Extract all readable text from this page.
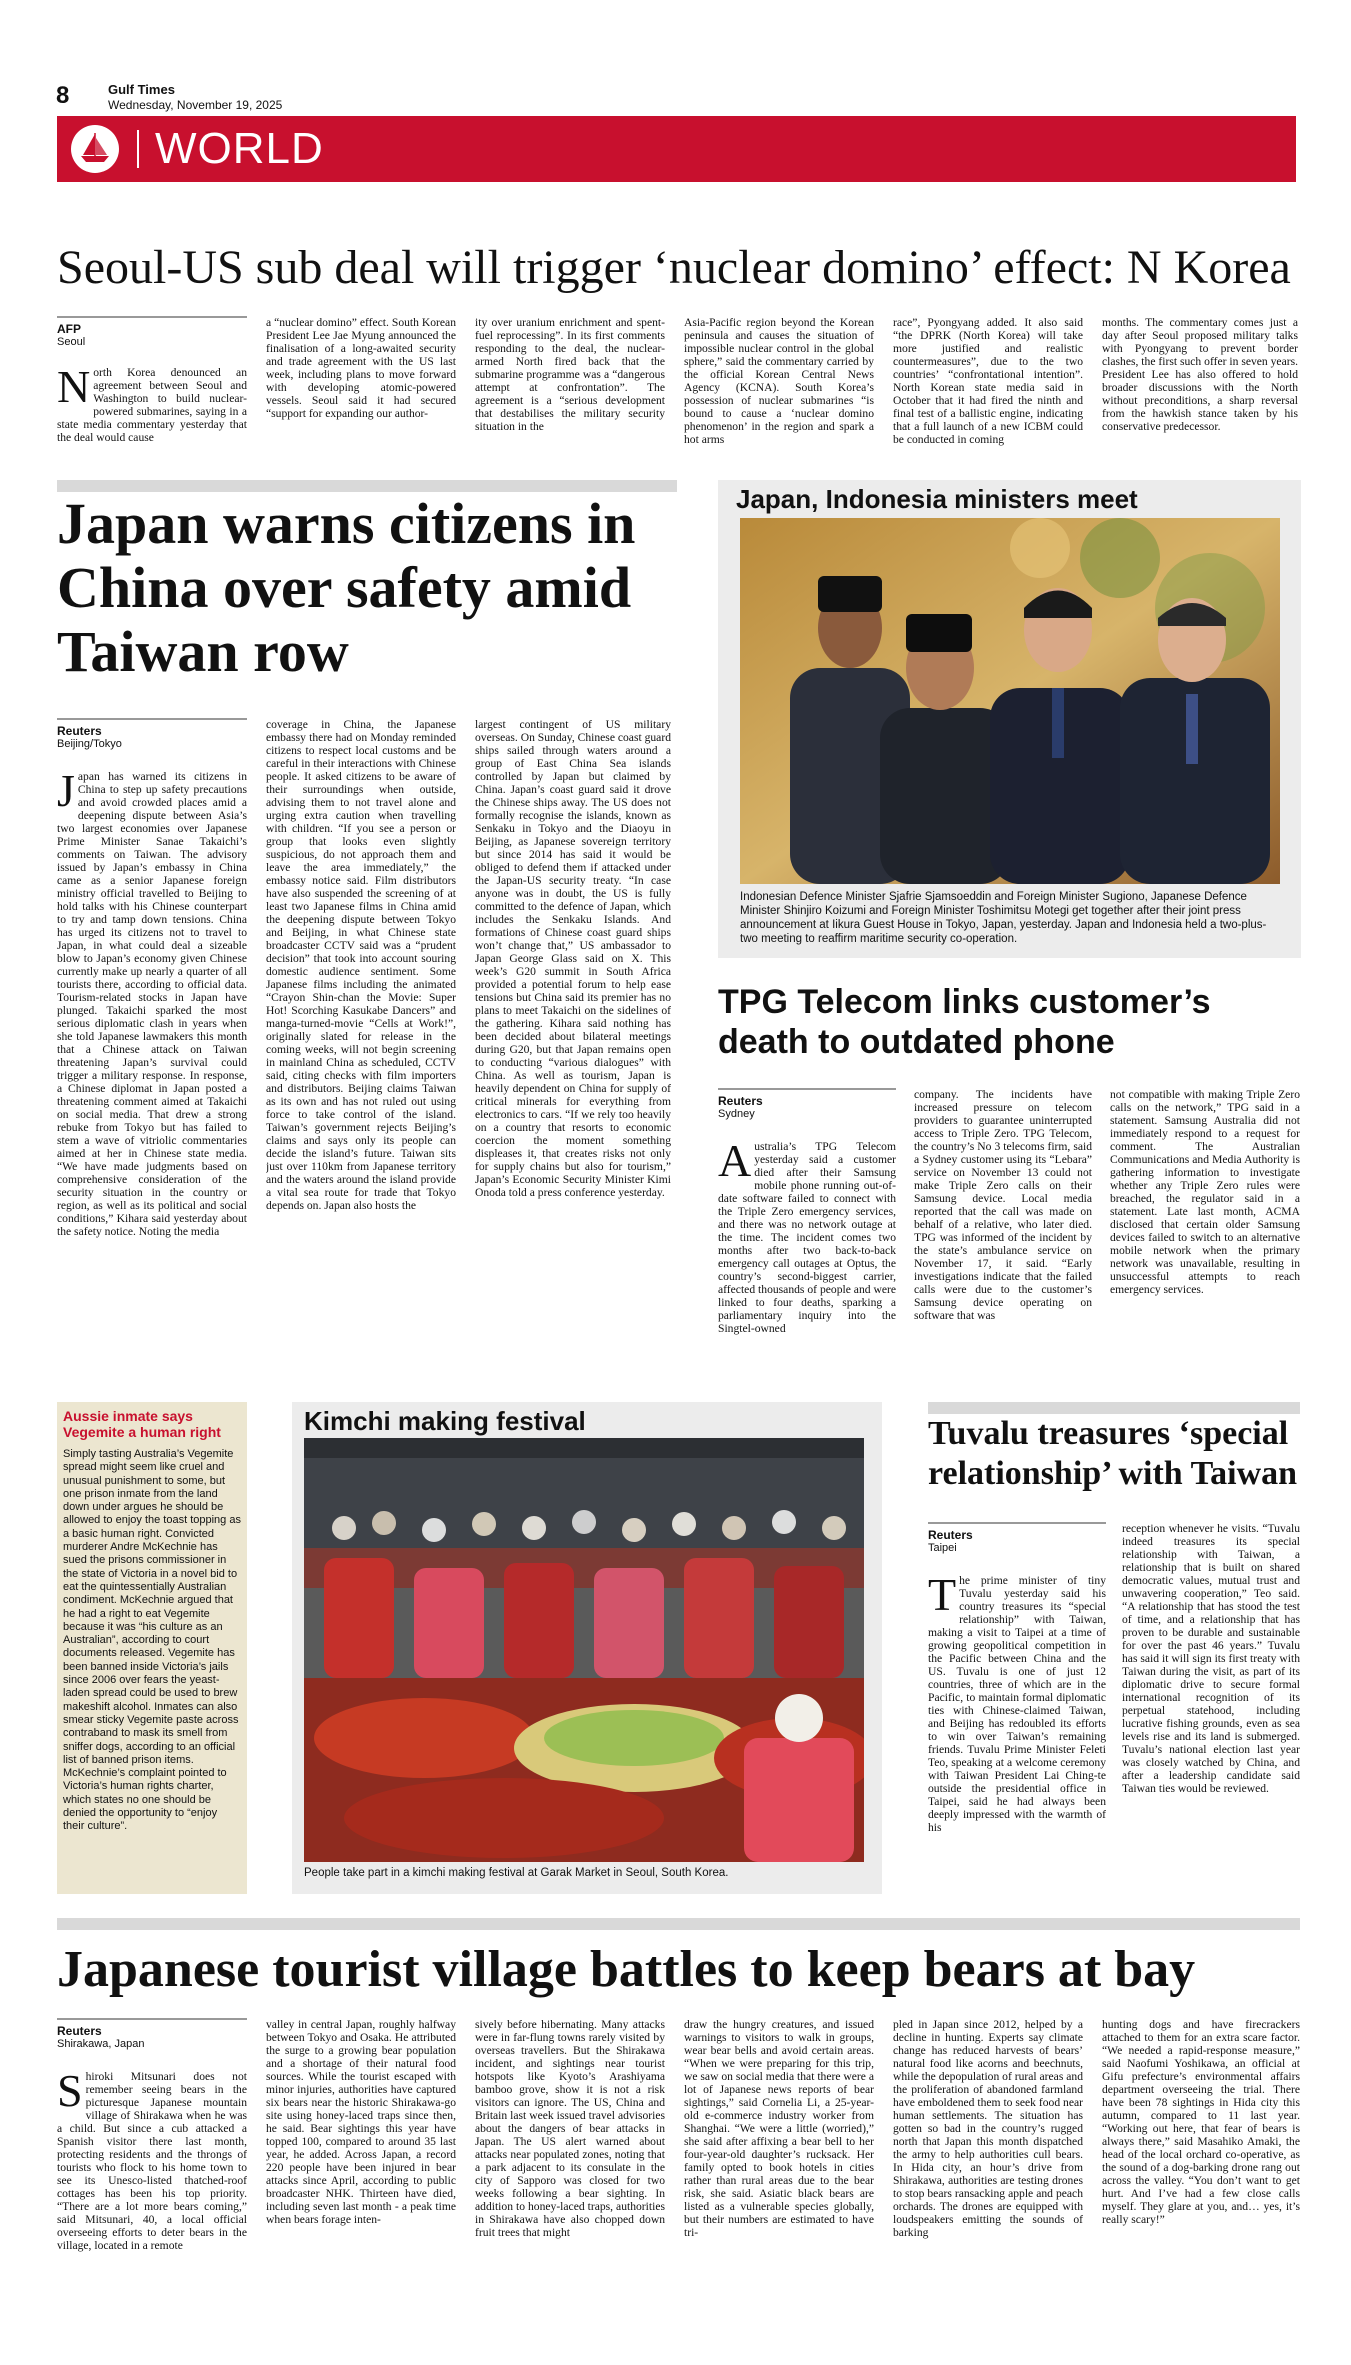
8	Gulf Times
Wednesday, November 19, 2025
WORLD
Seoul-US sub deal will trigger ‘nuclear domino’ effect: N Korea
AFP
Seoul

North Korea denounced an agreement between Seoul and Washington to build nuclear-powered submarines, saying in a state media commentary yesterday that the deal would cause

a “nuclear domino” effect. South Korean President Lee Jae Myung announced the finalisation of a long-awaited security and trade agreement with the US last week, including plans to move forward with developing atomic-powered vessels. Seoul said it had secured “support for expanding our author-
ity over uranium enrichment and spent-fuel reprocessing”. In its first comments responding to the deal, the nuclear-armed North fired back that the submarine programme was a “dangerous attempt at confrontation”. The agreement is a “serious development that destabilises the military security situation in the
Asia-Pacific region beyond the Korean peninsula and causes the situation of impossible nuclear control in the global sphere,” said the commentary carried by the official Korean Central News Agency (KCNA). South Korea’s possession of nuclear submarines “is bound to cause a ‘nuclear domino phenomenon’ in the region and spark a hot arms
race”, Pyongyang added. It also said “the DPRK (North Korea) will take more justified and realistic countermeasures”, due to the two countries’ “confrontational intention”. North Korean state media said in October that it had fired the ninth and final test of a ballistic engine, indicating that a full launch of a new ICBM could be conducted in coming
months. The commentary comes just a day after Seoul proposed military talks with Pyongyang to prevent border clashes, the first such offer in seven years. President Lee has also offered to hold broader discussions with the North without preconditions, a sharp reversal from the hawkish stance taken by his conservative predecessor.
Japan warns citizens in China over safety amid Taiwan row
Reuters
Beijing/Tokyo

Japan has warned its citizens in China to step up safety precautions and avoid crowded places amid a deepening dispute between Asia’s two largest economies over Japanese Prime Minister Sanae Takaichi’s comments on Taiwan. The advisory issued by Japan’s embassy in China came as a senior Japanese foreign ministry official travelled to Beijing to hold talks with his Chinese counterpart to try and tamp down tensions. China has urged its citizens not to travel to Japan, in what could deal a sizeable blow to Japan’s economy given Chinese currently make up nearly a quarter of all tourists there, according to official data. Tourism-related stocks in Japan have plunged. Takaichi sparked the most serious diplomatic clash in years when she told Japanese lawmakers this month that a Chinese attack on Taiwan threatening Japan’s survival could trigger a military response. In response, a Chinese diplomat in Japan posted a threatening comment aimed at Takaichi on social media. That drew a strong rebuke from Tokyo but has failed to stem a wave of vitriolic commentaries aimed at her in Chinese state media. “We have made judgments based on comprehensive consideration of the security situation in the country or region, as well as its political and social conditions,” Kihara said yesterday about the safety notice. Noting the media

coverage in China, the Japanese embassy there had on Monday reminded citizens to respect local customs and be careful in their interactions with Chinese people. It asked citizens to be aware of their surroundings when outside, advising them to not travel alone and urging extra caution when travelling with children. “If you see a person or group that looks even slightly suspicious, do not approach them and leave the area immediately,” the embassy notice said. Film distributors have also suspended the screening of at least two Japanese films in China amid the deepening dispute between Tokyo and Beijing, in what Chinese state broadcaster CCTV said was a “prudent decision” that took into account souring domestic audience sentiment. Some Japanese films including the animated “Crayon Shin-chan the Movie: Super Hot! Scorching Kasukabe Dancers” and manga-turned-movie “Cells at Work!”, originally slated for release in the coming weeks, will not begin screening in mainland China as scheduled, CCTV said, citing checks with film importers and distributors. Beijing claims Taiwan as its own and has not ruled out using force to take control of the island. Taiwan’s government rejects Beijing’s claims and says only its people can decide the island’s future. Taiwan sits just over 110km from Japanese territory and the waters around the island provide a vital sea route for trade that Tokyo depends on. Japan also hosts the
largest contingent of US military overseas. On Sunday, Chinese coast guard ships sailed through waters around a group of East China Sea islands controlled by Japan but claimed by China. Japan’s coast guard said it drove the Chinese ships away. The US does not formally recognise the islands, known as Senkaku in Tokyo and the Diaoyu in Beijing, as Japanese sovereign territory but since 2014 has said it would be obliged to defend them if attacked under the Japan-US security treaty. “In case anyone was in doubt, the US is fully committed to the defence of Japan, which includes the Senkaku Islands. And formations of Chinese coast guard ships won’t change that,” US ambassador to Japan George Glass said on X. This week’s G20 summit in South Africa provided a potential forum to help ease tensions but China said its premier has no plans to meet Takaichi on the sidelines of the gathering. Kihara said nothing has been decided about bilateral meetings during G20, but that Japan remains open to conducting “various dialogues” with China. As well as tourism, Japan is heavily dependent on China for supply of critical minerals for everything from electronics to cars. “If we rely too heavily on a country that resorts to economic coercion the moment something displeases it, that creates risks not only for supply chains but also for tourism,” Japan’s Economic Security Minister Kimi Onoda told a press conference yesterday.
Japan, Indonesia ministers meet
Indonesian Defence Minister Sjafrie Sjamsoeddin and Foreign Minister Sugiono, Japanese Defence Minister Shinjiro Koizumi and Foreign Minister Toshimitsu Motegi get together after their joint press announcement at Iikura Guest House in Tokyo, Japan, yesterday. Japan and Indonesia held a two-plus-two meeting to reaffirm maritime security co-operation.
TPG Telecom links customer’s death to outdated phone
Reuters
Sydney

Australia’s TPG Telecom yesterday said a customer died after their Samsung mobile phone running out-of-date software failed to connect with the Triple Zero emergency services, and there was no network outage at the time. The incident comes two months after two back-to-back emergency call outages at Optus, the country’s second-biggest carrier, affected thousands of people and were linked to four deaths, sparking a parliamentary inquiry into the Singtel-owned

company. The incidents have increased pressure on telecom providers to guarantee uninterrupted access to Triple Zero. TPG Telecom, the country’s No 3 telecoms firm, said a Sydney customer using its “Lebara” service on November 13 could not make Triple Zero calls on their Samsung device. Local media reported that the call was made on behalf of a relative, who later died. TPG was informed of the incident by the state’s ambulance service on November 17, it said. “Early investigations indicate that the failed calls were due to the customer’s Samsung device operating on software that was
not compatible with making Triple Zero calls on the network,” TPG said in a statement. Samsung Australia did not immediately respond to a request for comment. The Australian Communications and Media Authority is gathering information to investigate whether any Triple Zero rules were breached, the regulator said in a statement. Late last month, ACMA disclosed that certain older Samsung devices failed to switch to an alternative mobile network when the primary network was unavailable, resulting in unsuccessful attempts to reach emergency services.
Aussie inmate says Vegemite a human right
Simply tasting Australia’s Vegemite spread might seem like cruel and unusual punishment to some, but one prison inmate from the land down under argues he should be allowed to enjoy the toast topping as a basic human right. Convicted murderer Andre McKechnie has sued the prisons commissioner in the state of Victoria in a novel bid to eat the quintessentially Australian condiment. McKechnie argued that he had a right to eat Vegemite because it was “his culture as an Australian”, according to court documents released. Vegemite has been banned inside Victoria’s jails since 2006 over fears the yeast-laden spread could be used to brew makeshift alcohol. Inmates can also smear sticky Vegemite paste across contraband to mask its smell from sniffer dogs, according to an official list of banned prison items. McKechnie’s complaint pointed to Victoria’s human rights charter, which states no one should be denied the opportunity to “enjoy their culture”.
Kimchi making festival
People take part in a kimchi making festival at Garak Market in Seoul, South Korea.
Tuvalu treasures ‘special relationship’ with Taiwan
Reuters
Taipei

The prime minister of tiny Tuvalu yesterday said his country treasures its “special relationship” with Taiwan, making a visit to Taipei at a time of growing geopolitical competition in the Pacific between China and the US. Tuvalu is one of just 12 countries, three of which are in the Pacific, to maintain formal diplomatic ties with Chinese-claimed Taiwan, and Beijing has redoubled its efforts to win over Taiwan’s remaining friends. Tuvalu Prime Minister Feleti Teo, speaking at a welcome ceremony with Taiwan President Lai Ching-te outside the presidential office in Taipei, said he had always been deeply impressed with the warmth of his

reception whenever he visits. “Tuvalu indeed treasures its special relationship with Taiwan, a relationship that is built on shared democratic values, mutual trust and unwavering cooperation,” Teo said. “A relationship that has stood the test of time, and a relationship that has proven to be durable and sustainable for over the past 46 years.” Tuvalu has said it will sign its first treaty with Taiwan during the visit, as part of its diplomatic drive to secure formal international recognition of its perpetual statehood, including lucrative fishing grounds, even as sea levels rise and its land is submerged. Tuvalu’s national election last year was closely watched by China, and after a leadership candidate said Taiwan ties would be reviewed.
Japanese tourist village battles to keep bears at bay
Reuters
Shirakawa, Japan

Shiroki Mitsunari does not remember seeing bears in the picturesque Japanese mountain village of Shirakawa when he was a child. But since a cub attacked a Spanish visitor there last month, protecting residents and the throngs of tourists who flock to his home town to see its Unesco-listed thatched-roof cottages has been his top priority. “There are a lot more bears coming,” said Mitsunari, 40, a local official overseeing efforts to deter bears in the village, located in a remote

valley in central Japan, roughly halfway between Tokyo and Osaka. He attributed the surge to a growing bear population and a shortage of their natural food sources. While the tourist escaped with minor injuries, authorities have captured six bears near the historic Shirakawa-go site using honey-laced traps since then, he said. Bear sightings this year have topped 100, compared to around 35 last year, he added. Across Japan, a record 220 people have been injured in bear attacks since April, according to public broadcaster NHK. Thirteen have died, including seven last month - a peak time when bears forage inten-
sively before hibernating. Many attacks were in far-flung towns rarely visited by overseas travellers. But the Shirakawa incident, and sightings near tourist hotspots like Kyoto’s Arashiyama bamboo grove, show it is not a risk visitors can ignore. The US, China and Britain last week issued travel advisories about the dangers of bear attacks in Japan. The US alert warned about attacks near populated zones, noting that a park adjacent to its consulate in the city of Sapporo was closed for two weeks following a bear sighting. In addition to honey-laced traps, authorities in Shirakawa have also chopped down fruit trees that might
draw the hungry creatures, and issued warnings to visitors to walk in groups, wear bear bells and avoid certain areas. “When we were preparing for this trip, we saw on social media that there were a lot of Japanese news reports of bear sightings,” said Cornelia Li, a 25-year-old e-commerce industry worker from Shanghai. “We were a little (worried),” she said after affixing a bear bell to her four-year-old daughter’s rucksack. Her family opted to book hotels in cities rather than rural areas due to the bear risk, she said. Asiatic black bears are listed as a vulnerable species globally, but their numbers are estimated to have tri-
pled in Japan since 2012, helped by a decline in hunting. Experts say climate change has reduced harvests of bears’ natural food like acorns and beechnuts, while the depopulation of rural areas and the proliferation of abandoned farmland have emboldened them to seek food near human settlements. The situation has gotten so bad in the country’s rugged north that Japan this month dispatched the army to help authorities cull bears. In Hida city, an hour’s drive from Shirakawa, authorities are testing drones to stop bears ransacking apple and peach orchards. The drones are equipped with loudspeakers emitting the sounds of barking
hunting dogs and have firecrackers attached to them for an extra scare factor. “We needed a rapid-response measure,” said Naofumi Yoshikawa, an official at Gifu prefecture’s environmental affairs department overseeing the trial. There have been 78 sightings in Hida city this autumn, compared to 11 last year. “Working out here, that fear of bears is always there,” said Masahiko Amaki, the head of the local orchard co-operative, as the sound of a dog-barking drone rang out across the valley. “You don’t want to get hurt. And I’ve had a few close calls myself. They glare at you, and… yes, it’s really scary!”
